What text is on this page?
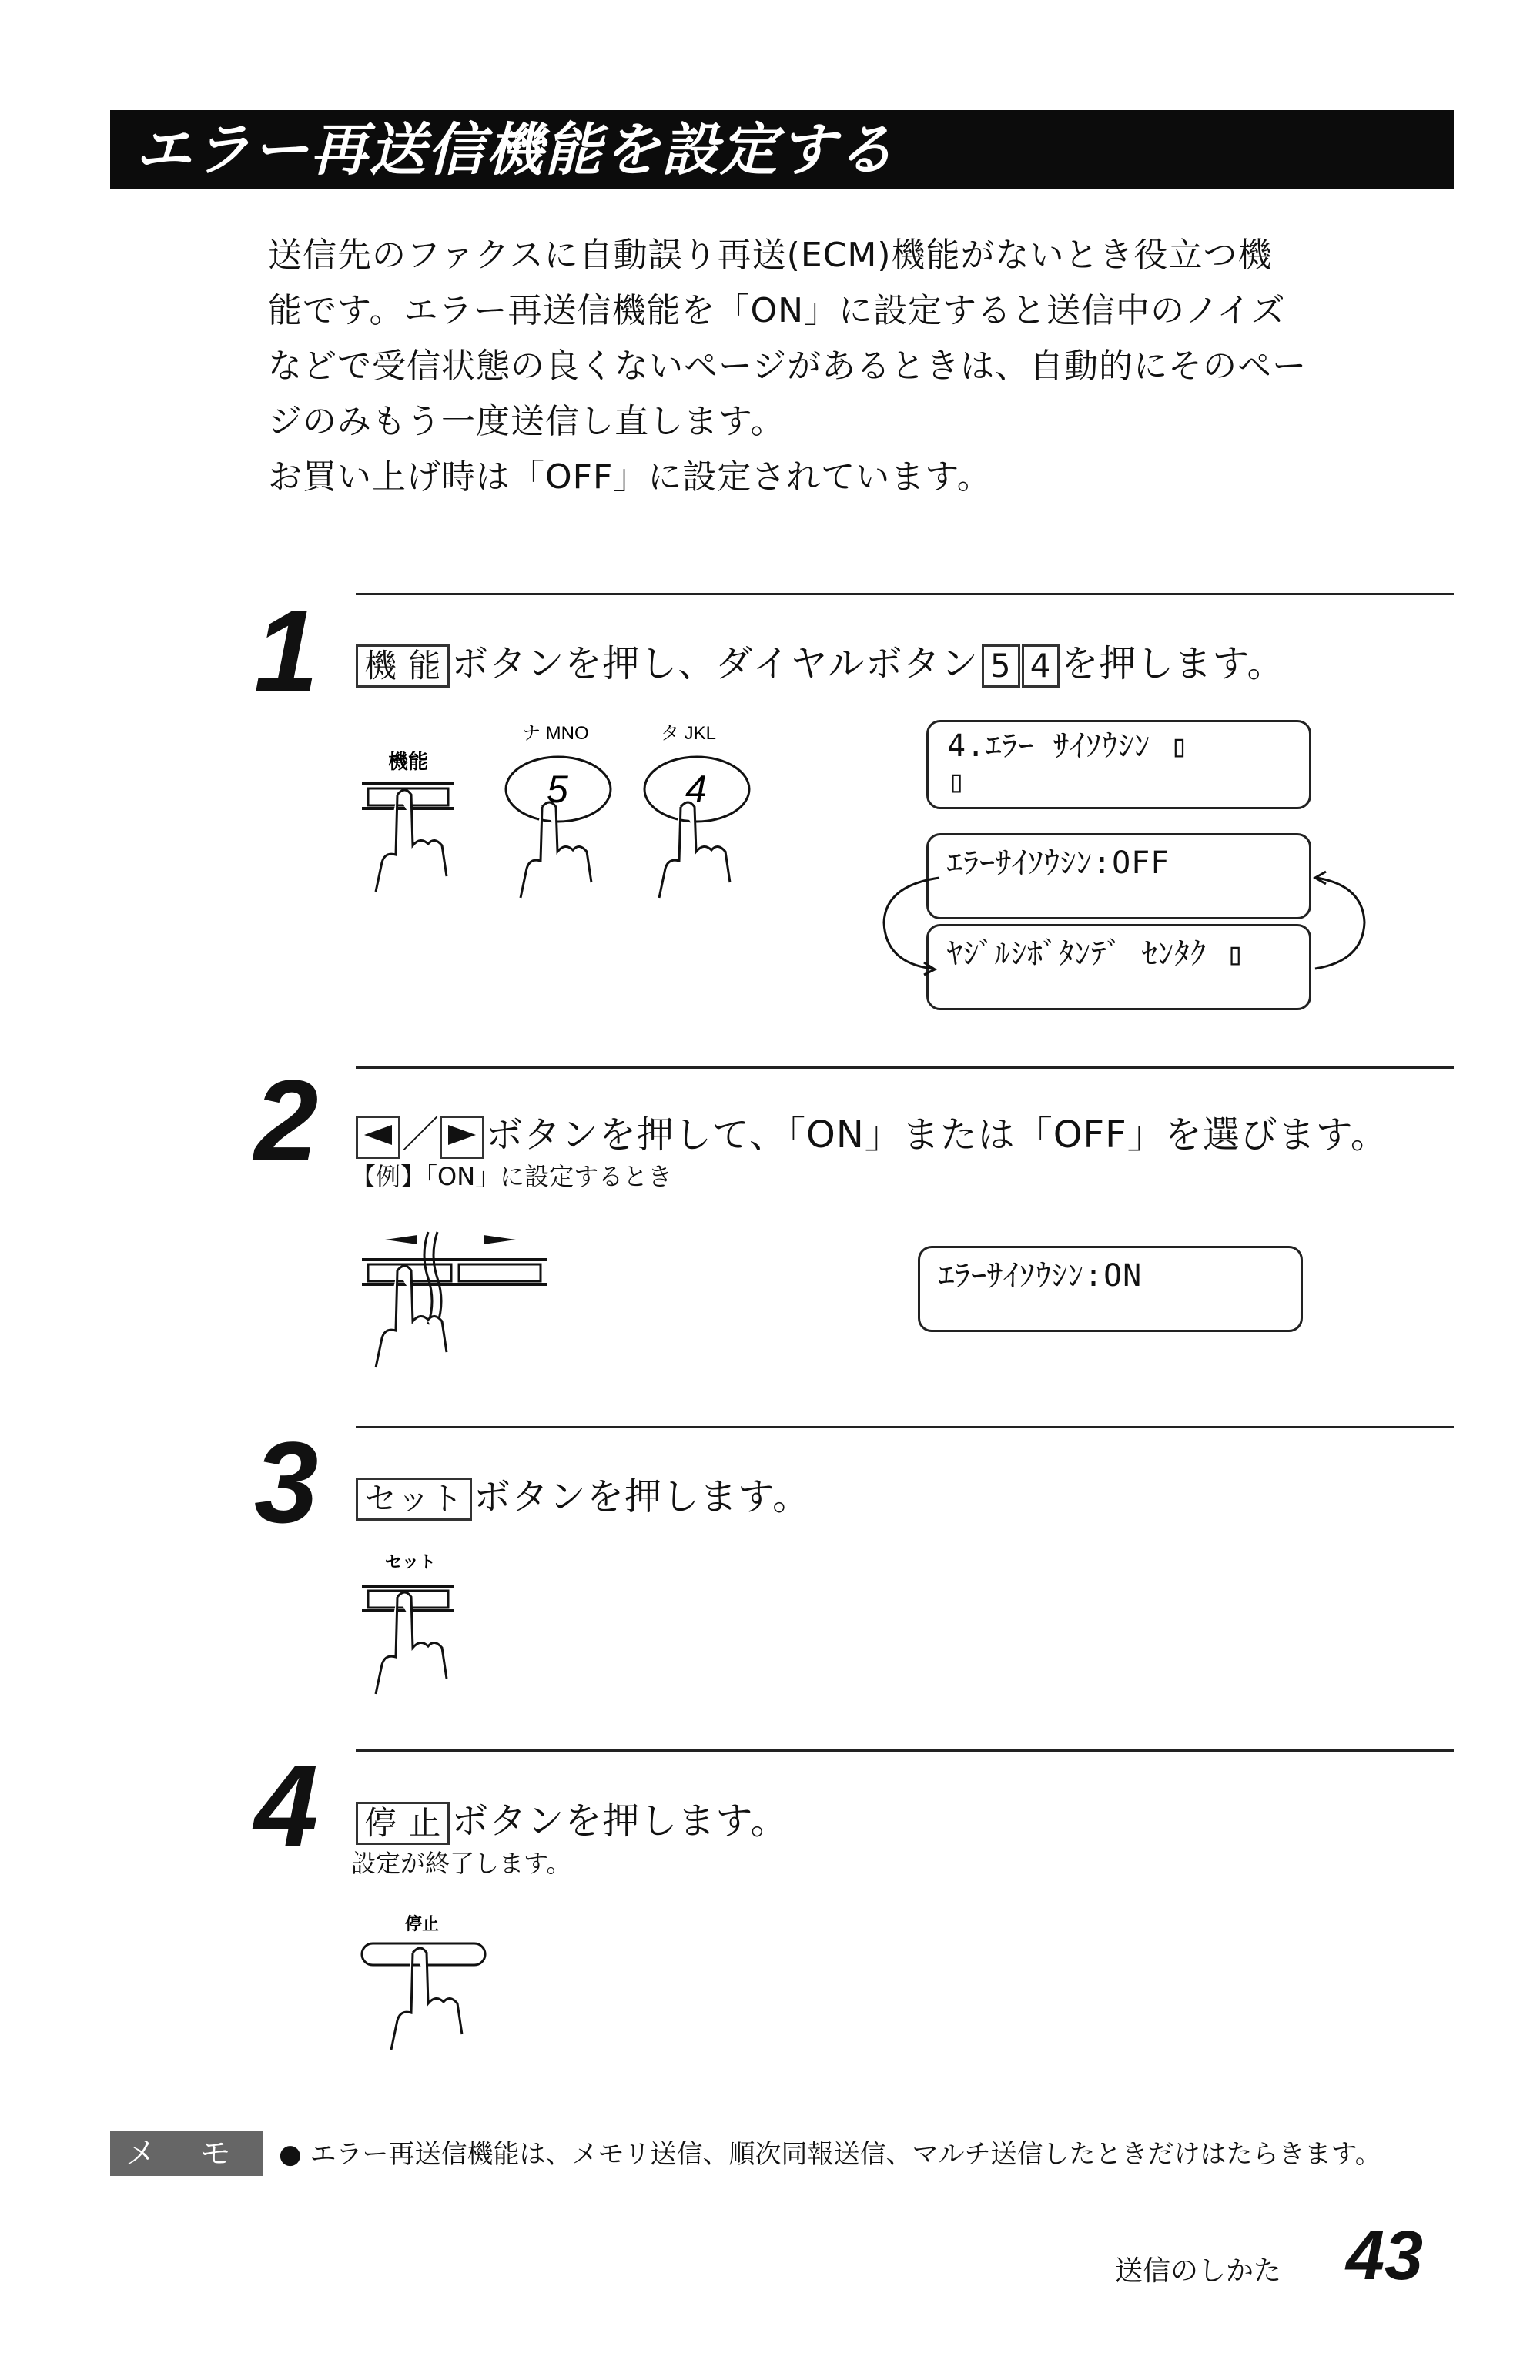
エラー再送信機能を設定する

送信先のファクスに自動誤り再送(ECM)機能がないとき役立つ機

能です。エラー再送信機能を「ON」に設定すると送信中のノイズ

などで受信状態の良くないページがあるときは、自動的にそのペー

ジのみもう一度送信し直します。

お買い上げ時は「OFF」に設定されています。

1 機 能 ボタンを押し、ダイヤルボタン 5 4 を押します。
機能
ナ MNO
5
タ JKL
4
4.ｴﾗｰ ｻｲｿｳｼﾝ ▯
▯
ｴﾗｰｻｲｿｳｼﾝ:OFF
ﾔｼﾞﾙｼﾎﾞﾀﾝﾃﾞ ｾﾝﾀｸ ▯
2	／ ボタンを押して、「ON」または「OFF」を選びます。
【例】「ON」に設定するとき
ｴﾗｰｻｲｿｳｼﾝ:ON
3 セット ボタンを押します。
セット
4 停 止 ボタンを押します。
設定が終了します。
停止
メ モ	● エラー再送信機能は、メモリ送信、順次同報送信、マルチ送信したときだけはたらきます。
送信のしかた 43
